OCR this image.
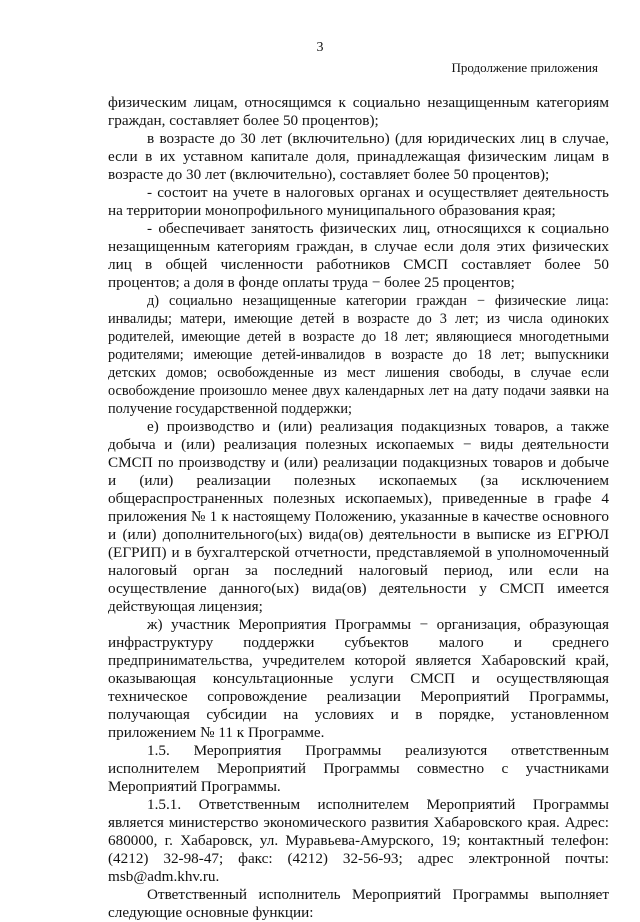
3
Продолжение приложения

физическим лицам, относящимся к социально незащищенным категориям граждан, составляет более 50 процентов);

в возрасте до 30 лет (включительно) (для юридических лиц в случае, если в их уставном капитале доля, принадлежащая физическим лицам в возрасте до 30 лет (включительно), составляет более 50 процентов);

- состоит на учете в налоговых органах и осуществляет деятельность на территории монопрофильного муниципального образования края;

- обеспечивает занятость физических лиц, относящихся к социально незащищенным категориям граждан, в случае если доля этих физических лиц в общей численности работников СМСП составляет более 50 процентов; а доля в фонде оплаты труда − более 25 процентов;

д) социально незащищенные категории граждан − физические лица: инвалиды; матери, имеющие детей в возрасте до 3 лет; из числа одиноких родителей, имеющие детей в возрасте до 18 лет; являющиеся многодетными родителями; имеющие детей-инвалидов в возрасте до 18 лет; выпускники детских домов; освобожденные из мест лишения свободы, в случае если освобождение произошло менее двух календарных лет на дату подачи заявки на получение государственной поддержки;

е) производство и (или) реализация подакцизных товаров, а также добыча и (или) реализация полезных ископаемых − виды деятельности СМСП по производству и (или) реализации подакцизных товаров и добыче и (или) реализации полезных ископаемых (за исключением общераспространенных полезных ископаемых), приведенные в графе 4 приложения № 1 к настоящему Положению, указанные в качестве основного и (или) дополнительного(ых) вида(ов) деятельности в выписке из ЕГРЮЛ (ЕГРИП) и в бухгалтерской отчетности, представляемой в уполномоченный налоговый орган за последний налоговый период, или если на осуществление данного(ых) вида(ов) деятельности у СМСП имеется действующая лицензия;

ж) участник Мероприятия Программы − организация, образующая инфраструктуру поддержки субъектов малого и среднего предпринимательства, учредителем которой является Хабаровский край, оказывающая консультационные услуги СМСП и осуществляющая техническое сопровождение реализации Мероприятий Программы, получающая субсидии на условиях и в порядке, установленном приложением № 11 к Программе.

1.5. Мероприятия Программы реализуются ответственным исполнителем Мероприятий Программы совместно с участниками Мероприятий Программы.

1.5.1. Ответственным исполнителем Мероприятий Программы является министерство экономического развития Хабаровского края. Адрес: 680000, г. Хабаровск, ул. Муравьева-Амурского, 19; контактный телефон: (4212) 32-98-47; факс: (4212) 32-56-93; адрес электронной почты: msb@adm.khv.ru.

Ответственный исполнитель Мероприятий Программы выполняет следующие основные функции:
